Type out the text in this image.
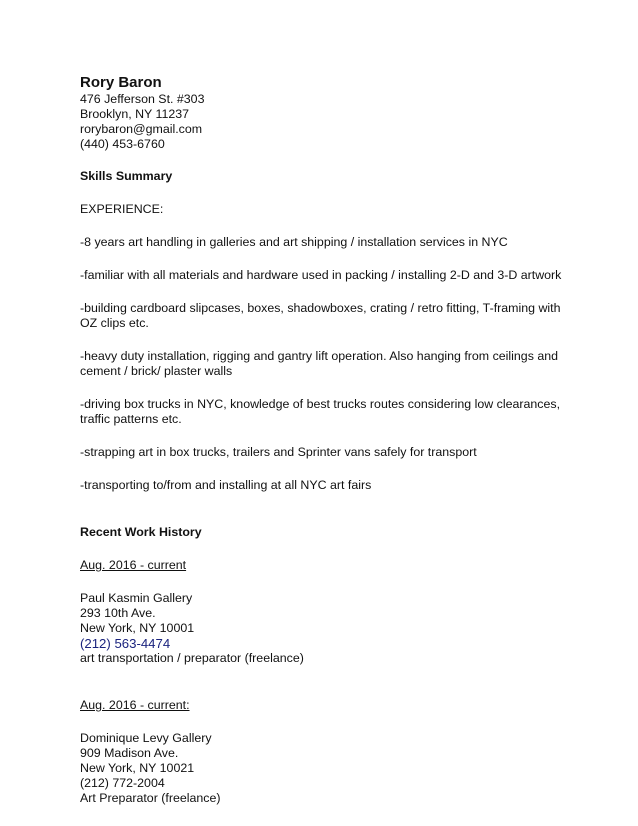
Rory Baron
476 Jefferson St. #303
Brooklyn, NY 11237
rorybaron@gmail.com
(440) 453-6760
Skills Summary
EXPERIENCE:

-8 years art handling in galleries and art shipping / installation services in NYC

-familiar with all materials and hardware used in packing / installing 2-D and 3-D artwork

-building cardboard slipcases, boxes, shadowboxes, crating / retro fitting, T-framing with OZ clips etc.

-heavy duty installation, rigging and gantry lift operation. Also hanging from ceilings and cement / brick/ plaster walls

-driving box trucks in NYC, knowledge of best trucks routes considering low clearances, traffic patterns etc.

-strapping art in box trucks, trailers and Sprinter vans safely for transport

-transporting to/from and installing at all NYC art fairs

Recent Work History
Aug. 2016 - current
Paul Kasmin Gallery
293 10th Ave.
New York, NY 10001
(212) 563-4474
art transportation / preparator (freelance)
Aug. 2016 - current:
Dominique Levy Gallery
909 Madison Ave.
New York, NY 10021
(212) 772-2004
Art Preparator (freelance)
